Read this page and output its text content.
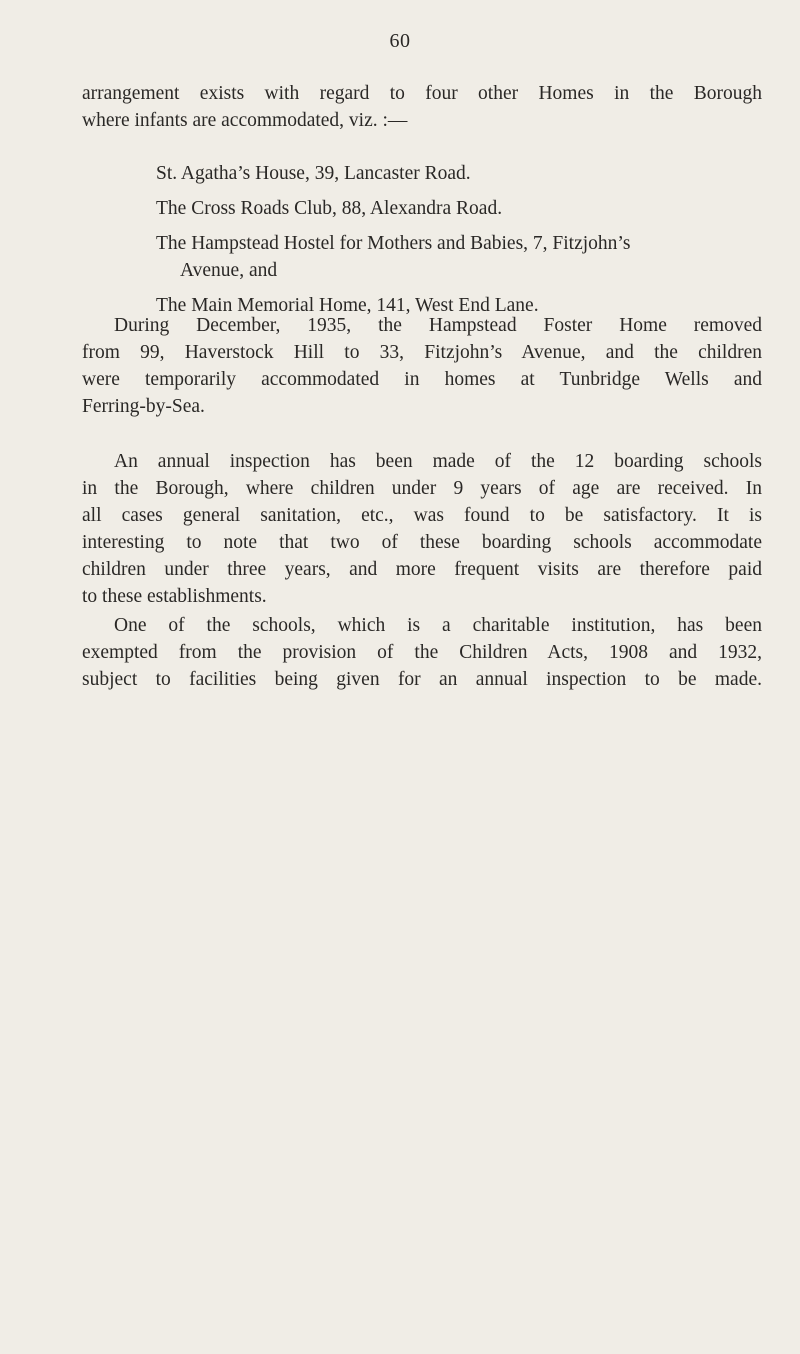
60

arrangement exists with regard to four other Homes in the Borough
where infants are accommodated, viz. :—

St. Agatha’s House, 39, Lancaster Road.
The Cross Roads Club, 88, Alexandra Road.
The Hampstead Hostel for Mothers and Babies, 7, Fitzjohn’s
Avenue, and
The Main Memorial Home, 141, West End Lane.

During December, 1935, the Hampstead Foster Home removed
from 99, Haverstock Hill to 33, Fitzjohn’s Avenue, and the children
were temporarily accommodated in homes at Tunbridge Wells and
Ferring-by-Sea.

An annual inspection has been made of the 12 boarding schools
in the Borough, where children under 9 years of age are received. In
all cases general sanitation, etc., was found to be satisfactory. It is
interesting to note that two of these boarding schools accommodate
children under three years, and more frequent visits are therefore paid
to these establishments.

One of the schools, which is a charitable institution, has been
exempted from the provision of the Children Acts, 1908 and 1932,
subject to facilities being given for an annual inspection to be made.
